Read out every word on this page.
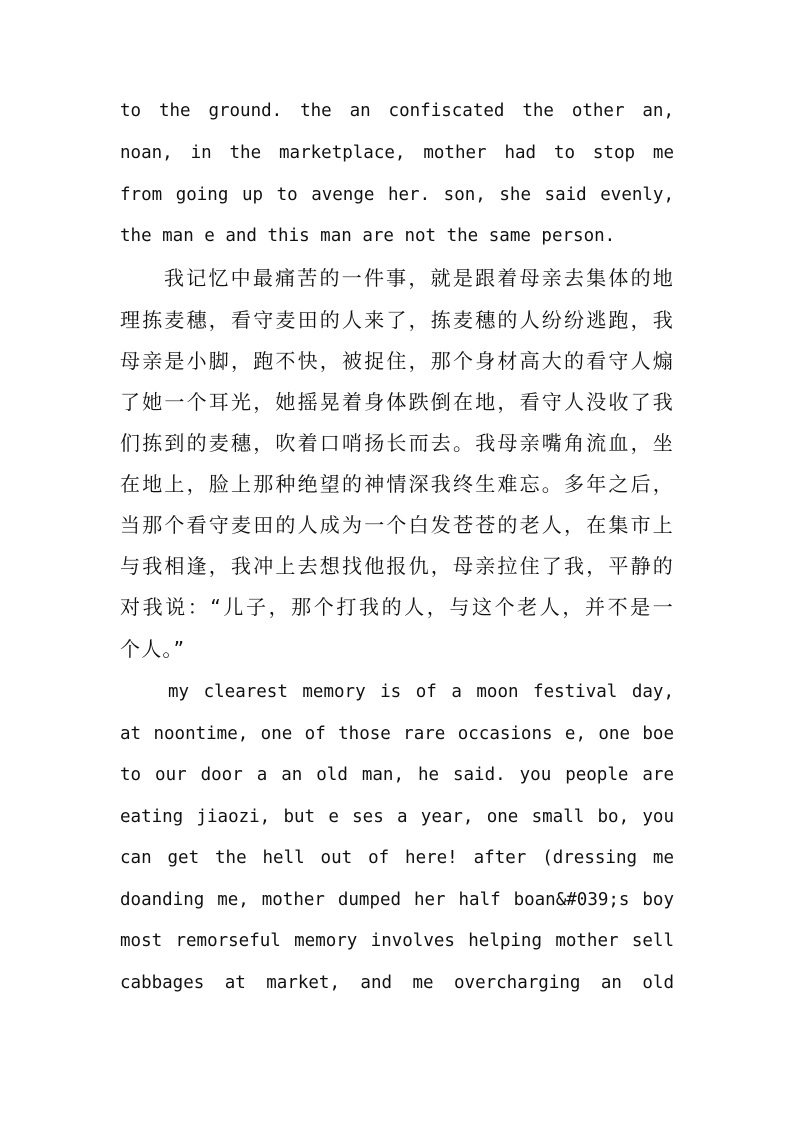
to the ground. the an confiscated the other an,
noan, in the marketplace, mother had to stop me
from going up to avenge her. son, she said evenly,
the man e and this man are not the same person.
我记忆中最痛苦的一件事，就是跟着母亲去集体的地
理拣麦穗，看守麦田的人来了，拣麦穗的人纷纷逃跑，我
母亲是小脚，跑不快，被捉住，那个身材高大的看守人煽
了她一个耳光，她摇晃着身体跌倒在地，看守人没收了我
们拣到的麦穗，吹着口哨扬长而去。我母亲嘴角流血，坐
在地上，脸上那种绝望的神情深我终生难忘。多年之后，
当那个看守麦田的人成为一个白发苍苍的老人，在集市上
与我相逢，我冲上去想找他报仇，母亲拉住了我，平静的
对我说：“儿子，那个打我的人，与这个老人，并不是一
个人。”
my clearest memory is of a moon festival day,
at noontime, one of those rare occasions e, one boe
to our door a an old man, he said. you people are
eating jiaozi, but e ses a year, one small bo, you
can get the hell out of here! after (dressing me
doanding me, mother dumped her half boan&#039;s boy
most remorseful memory involves helping mother sell
cabbages at market, and me overcharging an old
